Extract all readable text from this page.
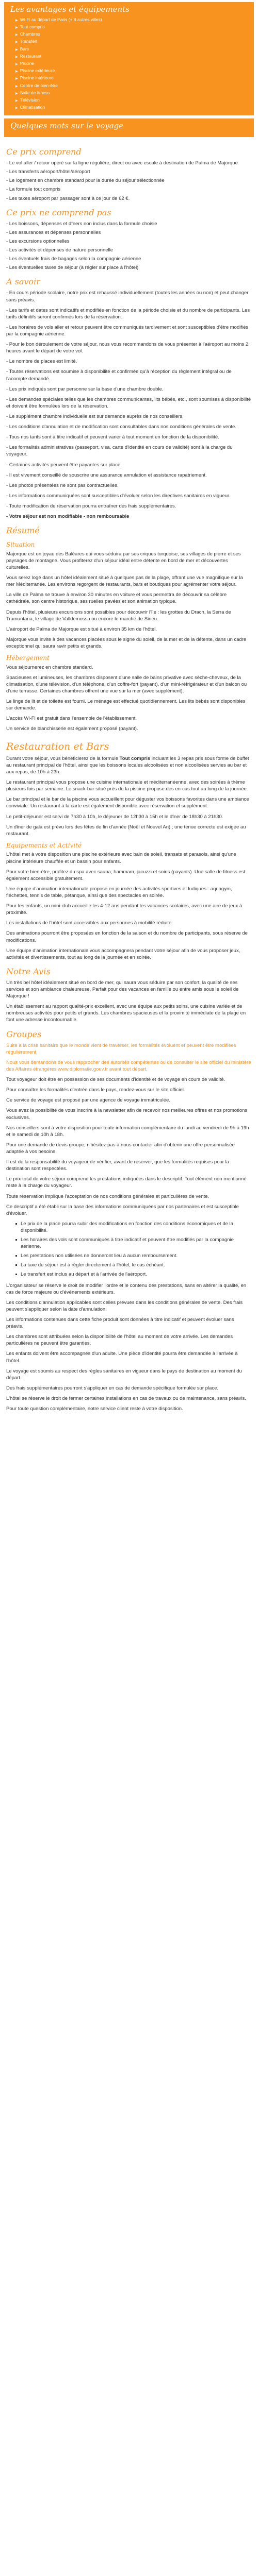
Les avantages et équipements
▶ Wi-Fi au départ de Paris (+ 8 autres villes)
▶ Tout compris
▶ Chambres
▶ Transfert
▶ Bars
▶ Restaurant
▶ Piscine
▶ Piscine extérieure
▶ Piscine intérieure
▶ Centre de bien-être
▶ Salle de fitness
▶ Télévision
▶ Climatisation
Quelques mots sur le voyage
Ce prix comprend

- Le vol aller / retour opéré sur la ligne régulière, direct ou avec escale à destination de Palma de Majorque

- Les transferts aéroport/hôtel/aéroport

- Le logement en chambre standard pour la durée du séjour sélectionnée

- La formule tout compris

- Les taxes aéroport par passager sont à ce jour de 62 €.

Ce prix ne comprend pas

- Les boissons, dépenses et dîners non inclus dans la formule choisie

- Les assurances et dépenses personnelles

- Les excursions optionnelles

- Les activités et dépenses de nature personnelle

- Les éventuels frais de bagages selon la compagnie aérienne

- Les éventuelles taxes de séjour (à régler sur place à l'hôtel)

A savoir

- En cours période scolaire, notre prix est rehaussé individuellement (toutes les années ou non) et peut changer sans préavis.

- Les tarifs et dates sont indicatifs et modifiés en fonction de la période choisie et du nombre de participants. Les tarifs définitifs seront confirmés lors de la réservation.

- Les horaires de vols aller et retour peuvent être communiqués tardivement et sont susceptibles d'être modifiés par la compagnie aérienne.

- Pour le bon déroulement de votre séjour, nous vous recommandons de vous présenter à l'aéroport au moins 2 heures avant le départ de votre vol.

- Le nombre de places est limité.

- Toutes réservations est soumise à disponibilité et confirmée qu'à réception du règlement intégral ou de l'acompte demandé.

- Les prix indiqués sont par personne sur la base d'une chambre double.

- Les demandes spéciales telles que les chambres communicantes, lits bébés, etc., sont soumises à disponibilité et doivent être formulées lors de la réservation.

- Le supplément chambre individuelle est sur demande auprès de nos conseillers.

- Les conditions d'annulation et de modification sont consultables dans nos conditions générales de vente.

- Tous nos tarifs sont à titre indicatif et peuvent varier à tout moment en fonction de la disponibilité.

- Les formalités administratives (passeport, visa, carte d'identité en cours de validité) sont à la charge du voyageur.

- Certaines activités peuvent être payantes sur place.

- Il est vivement conseillé de souscrire une assurance annulation et assistance rapatriement.

- Les photos présentées ne sont pas contractuelles.

- Les informations communiquées sont susceptibles d'évoluer selon les directives sanitaires en vigueur.

- Toute modification de réservation pourra entraîner des frais supplémentaires.

- Votre séjour est non modifiable - non remboursable

Résumé
Situation

Majorque est un joyau des Baléares qui vous séduira par ses criques turquoise, ses villages de pierre et ses paysages de montagne. Vous profiterez d'un séjour idéal entre détente en bord de mer et découvertes culturelles.

Vous serez logé dans un hôtel idéalement situé à quelques pas de la plage, offrant une vue magnifique sur la mer Méditerranée. Les environs regorgent de restaurants, bars et boutiques pour agrémenter votre séjour.

La ville de Palma se trouve à environ 30 minutes en voiture et vous permettra de découvrir sa célèbre cathédrale, son centre historique, ses ruelles pavées et son animation typique.

Depuis l'hôtel, plusieurs excursions sont possibles pour découvrir l'île : les grottes du Drach, la Serra de Tramuntana, le village de Valldemossa ou encore le marché de Sineu.

L'aéroport de Palma de Majorque est situé à environ 35 km de l'hôtel.

Majorque vous invite à des vacances placées sous le signe du soleil, de la mer et de la détente, dans un cadre exceptionnel qui saura ravir petits et grands.

Hébergement

Vous séjournerez en chambre standard.

Spacieuses et lumineuses, les chambres disposent d'une salle de bains privative avec sèche-cheveux, de la climatisation, d'une télévision, d'un téléphone, d'un coffre-fort (payant), d'un mini-réfrigérateur et d'un balcon ou d'une terrasse. Certaines chambres offrent une vue sur la mer (avec supplément).

Le linge de lit et de toilette est fourni. Le ménage est effectué quotidiennement. Les lits bébés sont disponibles sur demande.

L'accès Wi-Fi est gratuit dans l'ensemble de l'établissement.

Un service de blanchisserie est également proposé (payant).

Restauration et Bars

Durant votre séjour, vous bénéficierez de la formule Tout compris incluant les 3 repas pris sous forme de buffet au restaurant principal de l'hôtel, ainsi que les boissons locales alcoolisées et non alcoolisées servies au bar et aux repas, de 10h à 23h.

Le restaurant principal vous propose une cuisine internationale et méditerranéenne, avec des soirées à thème plusieurs fois par semaine. Le snack-bar situé près de la piscine propose des en-cas tout au long de la journée.

Le bar principal et le bar de la piscine vous accueillent pour déguster vos boissons favorites dans une ambiance conviviale. Un restaurant à la carte est également disponible avec réservation et supplément.

Le petit-déjeuner est servi de 7h30 à 10h, le déjeuner de 12h30 à 15h et le dîner de 18h30 à 21h30.

Un dîner de gala est prévu lors des fêtes de fin d'année (Noël et Nouvel An) ; une tenue correcte est exigée au restaurant.

Equipements et Activité

L'hôtel met à votre disposition une piscine extérieure avec bain de soleil, transats et parasols, ainsi qu'une piscine intérieure chauffée et un bassin pour enfants.

Pour votre bien-être, profitez du spa avec sauna, hammam, jacuzzi et soins (payants). Une salle de fitness est également accessible gratuitement.

Une équipe d'animation internationale propose en journée des activités sportives et ludiques : aquagym, fléchettes, tennis de table, pétanque, ainsi que des spectacles en soirée.

Pour les enfants, un mini-club accueille les 4-12 ans pendant les vacances scolaires, avec une aire de jeux à proximité.

Les installations de l'hôtel sont accessibles aux personnes à mobilité réduite.

Des animations pourront être proposées en fonction de la saison et du nombre de participants, sous réserve de modifications.

Une équipe d'animation internationale vous accompagnera pendant votre séjour afin de vous proposer jeux, activités et divertissements, tout au long de la journée et en soirée.

Notre Avis

Un très bel hôtel idéalement situé en bord de mer, qui saura vous séduire par son confort, la qualité de ses services et son ambiance chaleureuse. Parfait pour des vacances en famille ou entre amis sous le soleil de Majorque !

Un établissement au rapport qualité-prix excellent, avec une équipe aux petits soins, une cuisine variée et de nombreuses activités pour petits et grands. Les chambres spacieuses et la proximité immédiate de la plage en font une adresse incontournable.

Groupes

Suite à la crise sanitaire que le monde vient de traverser, les formalités évoluent et peuvent être modifiées régulièrement.

Nous vous demandons de vous rapprocher des autorités compétentes ou de consulter le site officiel du ministère des Affaires étrangères www.diplomatie.gouv.fr avant tout départ.

Tout voyageur doit être en possession de ses documents d'identité et de voyage en cours de validité.

Pour connaître les formalités d'entrée dans le pays, rendez-vous sur le site officiel.

Ce service de voyage est proposé par une agence de voyage immatriculée.

Vous avez la possibilité de vous inscrire à la newsletter afin de recevoir nos meilleures offres et nos promotions exclusives.

Nos conseillers sont à votre disposition pour toute information complémentaire du lundi au vendredi de 9h à 19h et le samedi de 10h à 18h.

Pour une demande de devis groupe, n'hésitez pas à nous contacter afin d'obtenir une offre personnalisée adaptée à vos besoins.

Il est de la responsabilité du voyageur de vérifier, avant de réserver, que les formalités requises pour la destination sont respectées.

Le prix total de votre séjour comprend les prestations indiquées dans le descriptif. Tout élément non mentionné reste à la charge du voyageur.

Toute réservation implique l'acceptation de nos conditions générales et particulières de vente.

Ce descriptif a été établi sur la base des informations communiquées par nos partenaires et est susceptible d'évoluer.

Le prix de la place pourra subir des modifications en fonction des conditions économiques et de la disponibilité.
Les horaires des vols sont communiqués à titre indicatif et peuvent être modifiés par la compagnie aérienne.
Les prestations non utilisées ne donneront lieu à aucun remboursement.
La taxe de séjour est à régler directement à l'hôtel, le cas échéant.
Le transfert est inclus au départ et à l'arrivée de l'aéroport.

L'organisateur se réserve le droit de modifier l'ordre et le contenu des prestations, sans en altérer la qualité, en cas de force majeure ou d'événements extérieurs.

Les conditions d'annulation applicables sont celles prévues dans les conditions générales de vente. Des frais peuvent s'appliquer selon la date d'annulation.

Les informations contenues dans cette fiche produit sont données à titre indicatif et peuvent évoluer sans préavis.

Les chambres sont attribuées selon la disponibilité de l'hôtel au moment de votre arrivée. Les demandes particulières ne peuvent être garanties.

Les enfants doivent être accompagnés d'un adulte. Une pièce d'identité pourra être demandée à l'arrivée à l'hôtel.

Le voyage est soumis au respect des règles sanitaires en vigueur dans le pays de destination au moment du départ.

Des frais supplémentaires pourront s'appliquer en cas de demande spécifique formulée sur place.

L'hôtel se réserve le droit de fermer certaines installations en cas de travaux ou de maintenance, sans préavis.

Pour toute question complémentaire, notre service client reste à votre disposition.
